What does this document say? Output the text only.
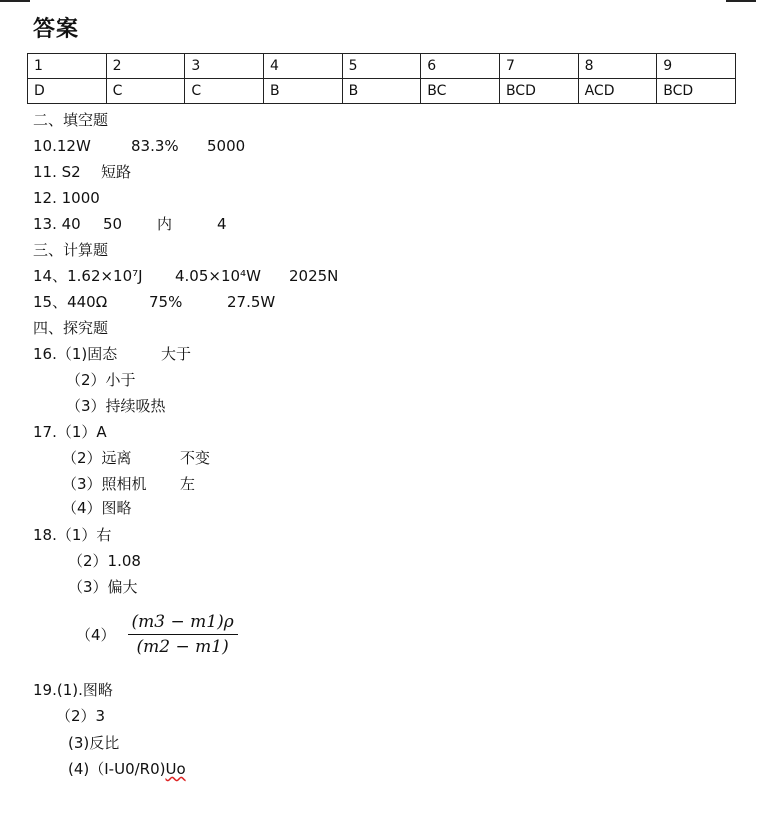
答案
1	2	3	4	5	6	7	8	9
D	C	C	B	B	BC	BCD	ACD	BCD
二、填空题
10.12W	83.3% 5000
11. S2 短路
12. 1000
13. 40 50 内	4
三、计算题
14、1.62×10⁷J 4.05×10⁴W 2025N
15、440Ω	75%	27.5W
四、探究题
16.（1)固态	大于
（2）小于
（3）持续吸热
17.（1）A
（2）远离	不变
（3）照相机 左
（4）图略
18.（1）右
（2）1.08
（3）偏大
$(4) \frac{(m3 - m1)\rho}{(m2 - m1)}$
19.(1).图略
（2）3
(3)反比
(4)（I-U0/R0)Uo
